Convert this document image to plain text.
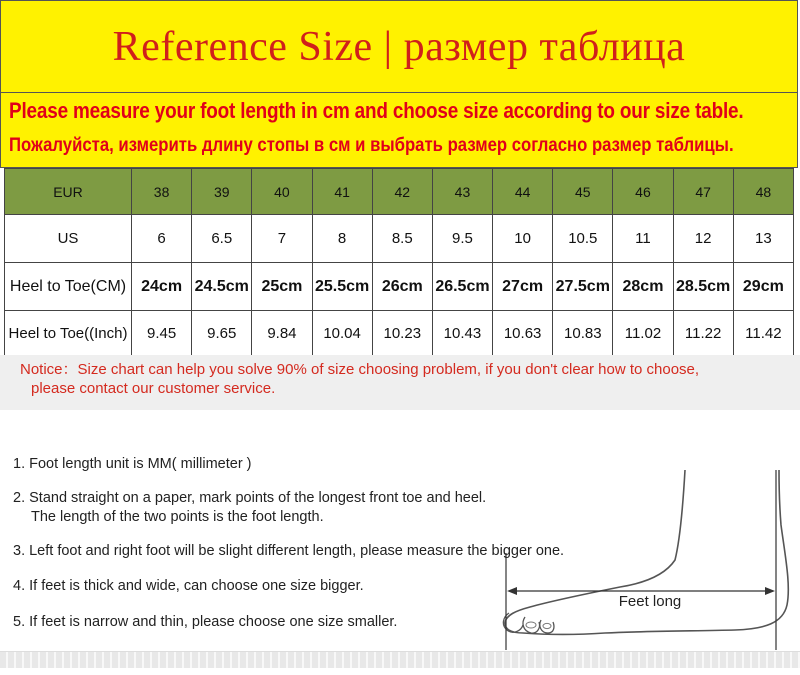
Reference Size | размер таблица
Please measure your foot length in cm and choose size according to our size table.
Пожалуйста, измерить длину стопы в см и выбрать размер согласно размер таблицы.
EUR	38	39	40	41	42	43	44	45	46	47	48
US	6	6.5	7	8	8.5	9.5	10	10.5	11	12	13
Heel to Toe(CM)	24cm	24.5cm	25cm	25.5cm	26cm	26.5cm	27cm	27.5cm	28cm	28.5cm	29cm
Heel to Toe((Inch)	9.45	9.65	9.84	10.04	10.23	10.43	10.63	10.83	11.02	11.22	11.42
Notice：Size chart can help you solve 90% of size choosing problem, if you don't clear how to choose,
please contact our customer service.
1. Foot length unit is MM( millimeter )
2. Stand straight on a paper, mark points of the longest front toe and heel.
The length of the two points is the foot length.
3. Left foot and right foot will be slight different length, please measure the bigger one.
4. If feet is thick and wide, can choose one size bigger.
5. If feet is narrow and thin, please choose one size smaller.
Feet long
